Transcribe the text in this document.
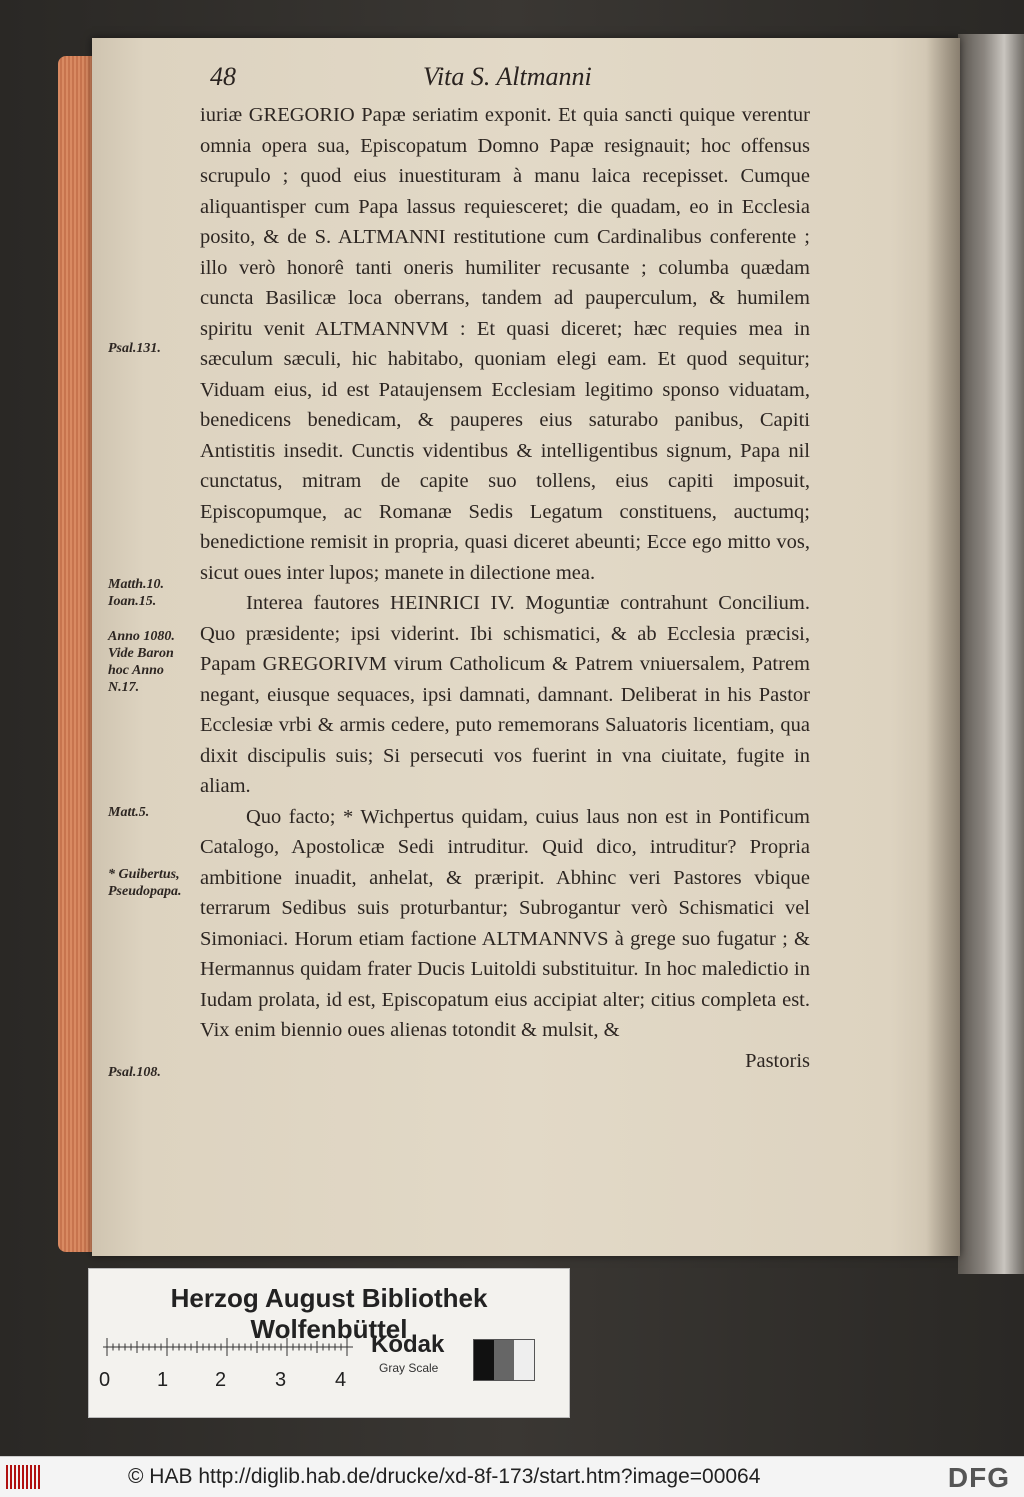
48	Vita S. Altmanni
Psal.131.
Matth.10. Ioan.15.
Anno 1080. Vide Baron hoc Anno N.17.
Matt.5.
* Guibertus, Pseudopapa.
Psal.108.

iuriæ GREGORIO Papæ seriatim exponit. Et quia sancti quique verentur omnia opera sua, Episcopatum Domno Papæ resignauit; hoc offensus scrupulo ; quod eius inuestituram à manu laica recepisset. Cumque aliquantisper cum Papa lassus requiesceret; die quadam, eo in Ecclesia posito, & de S. ALTMANNI restitutione cum Cardinalibus conferente ; illo verò honorê tanti oneris humiliter recusante ; columba quædam cuncta Basilicæ loca oberrans, tandem ad pauperculum, & humilem spiritu venit ALTMANNVM : Et quasi diceret; hæc requies mea in sæculum sæculi, hic habitabo, quoniam elegi eam. Et quod sequitur; Viduam eius, id est Pataujensem Ecclesiam legitimo sponso viduatam, benedicens benedicam, & pauperes eius saturabo panibus, Capiti Antistitis insedit. Cunctis videntibus & intelligentibus signum, Papa nil cunctatus, mitram de capite suo tollens, eius capiti imposuit, Episcopumque, ac Romanæ Sedis Legatum constituens, auctumq; benedictione remisit in propria, quasi diceret abeunti; Ecce ego mitto vos, sicut oues inter lupos; manete in dilectione mea.

Interea fautores HEINRICI IV. Moguntiæ contrahunt Concilium. Quo præsidente; ipsi viderint. Ibi schismatici, & ab Ecclesia præcisi, Papam GREGORIVM virum Catholicum & Patrem vniuersalem, Patrem negant, eiusque sequaces, ipsi damnati, damnant. Deliberat in his Pastor Ecclesiæ vrbi & armis cedere, puto rememorans Saluatoris licentiam, qua dixit discipulis suis; Si persecuti vos fuerint in vna ciuitate, fugite in aliam.

Quo facto; * Wichpertus quidam, cuius laus non est in Pontificum Catalogo, Apostolicæ Sedi intruditur. Quid dico, intruditur? Propria ambitione inuadit, anhelat, & præripit. Abhinc veri Pastores vbique terrarum Sedibus suis proturbantur; Subrogantur verò Schismatici vel Simoniaci. Horum etiam factione ALTMANNVS à grege suo fugatur ; & Hermannus quidam frater Ducis Luitoldi substituitur. In hoc maledictio in Iudam prolata, id est, Episcopatum eius accipiat alter; citius completa est. Vix enim biennio oues alienas totondit & mulsit, &

Pastoris

Herzog August Bibliothek Wolfenbüttel
0 1 2 3 4
Kodak
Gray Scale
© HAB http://diglib.hab.de/drucke/xd-8f-173/start.htm?image=00064	DFG
